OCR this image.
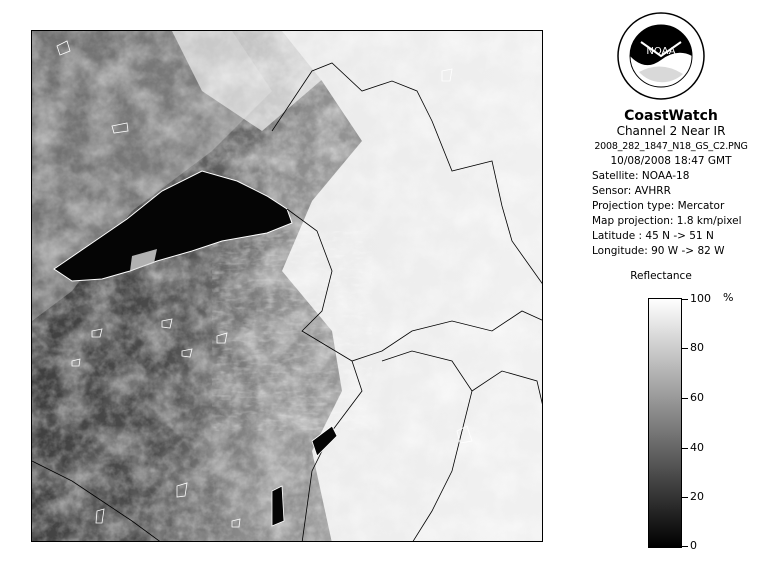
NOAA
CoastWatch
Channel 2 Near IR
2008_282_1847_N18_GS_C2.PNG
10/08/2008 18:47 GMT
Satellite: NOAA-18
Sensor: AVHRR
Projection type: Mercator
Map projection: 1.8 km/pixel
Latitude : 45 N -> 51 N
Longitude: 90 W -> 82 W
Reflectance
%
100
80
60
40
20
0
